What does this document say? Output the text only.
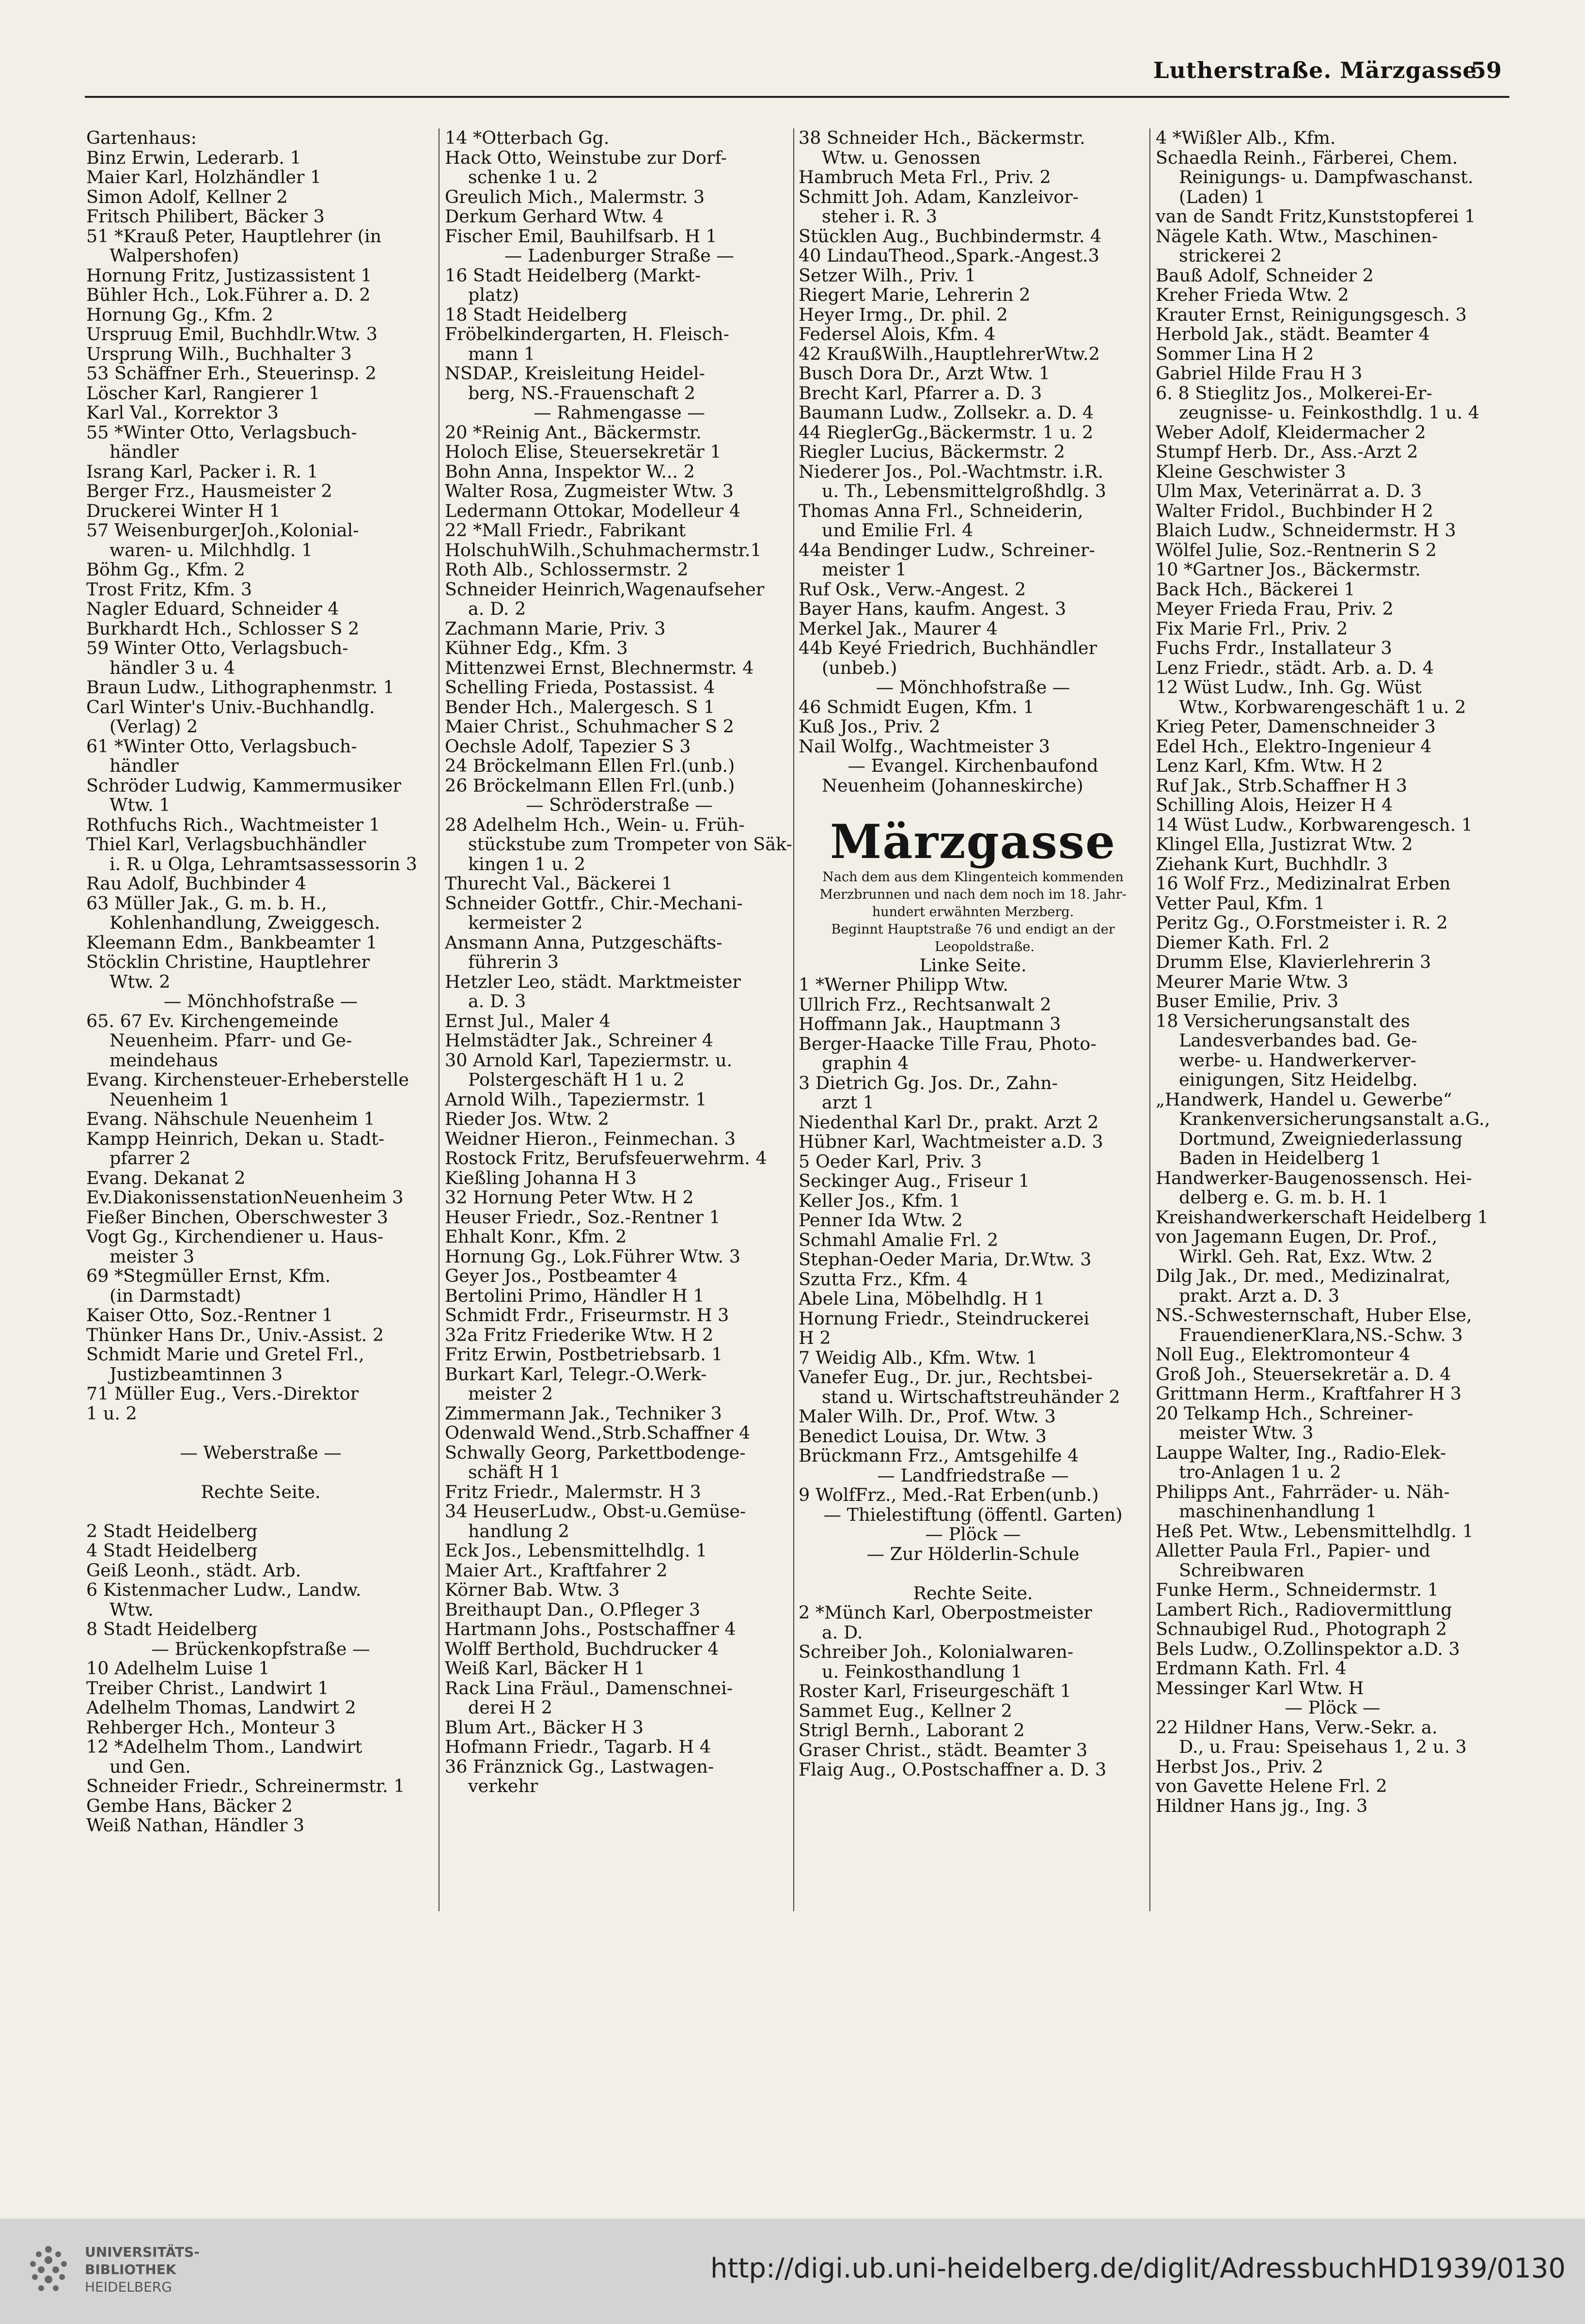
Lutherstraße. Märzgasse
59
Gartenhaus:
Binz Erwin, Lederarb. 1
Maier Karl, Holzhändler 1
Simon Adolf, Kellner 2
Fritsch Philibert, Bäcker 3
51 *Krauß Peter, Hauptlehrer (in
Walpershofen)
Hornung Fritz, Justizassistent 1
Bühler Hch., Lok.Führer a. D. 2
Hornung Gg., Kfm. 2
Urspruug Emil, Buchhdlr.Wtw. 3
Ursprung Wilh., Buchhalter 3
53 Schäffner Erh., Steuerinsp. 2
Löscher Karl, Rangierer 1
Karl Val., Korrektor 3
55 *Winter Otto, Verlagsbuch-
händler
Israng Karl, Packer i. R. 1
Berger Frz., Hausmeister 2
Druckerei Winter H 1
57 WeisenburgerJoh.,Kolonial-
waren- u. Milchhdlg. 1
Böhm Gg., Kfm. 2
Trost Fritz, Kfm. 3
Nagler Eduard, Schneider 4
Burkhardt Hch., Schlosser S 2
59 Winter Otto, Verlagsbuch-
händler 3 u. 4
Braun Ludw., Lithographenmstr. 1
Carl Winter's Univ.-Buchhandlg.
(Verlag) 2
61 *Winter Otto, Verlagsbuch-
händler
Schröder Ludwig, Kammermusiker
Wtw. 1
Rothfuchs Rich., Wachtmeister 1
Thiel Karl, Verlagsbuchhändler
i. R. u Olga, Lehramtsassessorin 3
Rau Adolf, Buchbinder 4
63 Müller Jak., G. m. b. H.,
Kohlenhandlung, Zweiggesch.
Kleemann Edm., Bankbeamter 1
Stöcklin Christine, Hauptlehrer
Wtw. 2
— Mönchhofstraße —
65. 67 Ev. Kirchengemeinde
Neuenheim. Pfarr- und Ge-
meindehaus
Evang. Kirchensteuer-Erheberstelle
Neuenheim 1
Evang. Nähschule Neuenheim 1
Kampp Heinrich, Dekan u. Stadt-
pfarrer 2
Evang. Dekanat 2
Ev.DiakonissenstationNeuenheim 3
Fießer Binchen, Oberschwester 3
Vogt Gg., Kirchendiener u. Haus-
meister 3
69 *Stegmüller Ernst, Kfm.
(in Darmstadt)
Kaiser Otto, Soz.-Rentner 1
Thünker Hans Dr., Univ.-Assist. 2
Schmidt Marie und Gretel Frl.,
Justizbeamtinnen 3
71 Müller Eug., Vers.-Direktor
1 u. 2
— Weberstraße —
Rechte Seite.
2 Stadt Heidelberg
4 Stadt Heidelberg
Geiß Leonh., städt. Arb.
6 Kistenmacher Ludw., Landw.
Wtw.
8 Stadt Heidelberg
— Brückenkopfstraße —
10 Adelhelm Luise 1
Treiber Christ., Landwirt 1
Adelhelm Thomas, Landwirt 2
Rehberger Hch., Monteur 3
12 *Adelhelm Thom., Landwirt
und Gen.
Schneider Friedr., Schreinermstr. 1
Gembe Hans, Bäcker 2
Weiß Nathan, Händler 3
14 *Otterbach Gg.
Hack Otto, Weinstube zur Dorf-
schenke 1 u. 2
Greulich Mich., Malermstr. 3
Derkum Gerhard Wtw. 4
Fischer Emil, Bauhilfsarb. H 1
— Ladenburger Straße —
16 Stadt Heidelberg (Markt-
platz)
18 Stadt Heidelberg
Fröbelkindergarten, H. Fleisch-
mann 1
NSDAP., Kreisleitung Heidel-
berg, NS.-Frauenschaft 2
— Rahmengasse —
20 *Reinig Ant., Bäckermstr.
Holoch Elise, Steuersekretär 1
Bohn Anna, Inspektor W... 2
Walter Rosa, Zugmeister Wtw. 3
Ledermann Ottokar, Modelleur 4
22 *Mall Friedr., Fabrikant
HolschuhWilh.,Schuhmachermstr.1
Roth Alb., Schlossermstr. 2
Schneider Heinrich,Wagenaufseher
a. D. 2
Zachmann Marie, Priv. 3
Kühner Edg., Kfm. 3
Mittenzwei Ernst, Blechnermstr. 4
Schelling Frieda, Postassist. 4
Bender Hch., Malergesch. S 1
Maier Christ., Schuhmacher S 2
Oechsle Adolf, Tapezier S 3
24 Bröckelmann Ellen Frl.(unb.)
26 Bröckelmann Ellen Frl.(unb.)
— Schröderstraße —
28 Adelhelm Hch., Wein- u. Früh-
stückstube zum Trompeter von Säk-
kingen 1 u. 2
Thurecht Val., Bäckerei 1
Schneider Gottfr., Chir.-Mechani-
kermeister 2
Ansmann Anna, Putzgeschäfts-
führerin 3
Hetzler Leo, städt. Marktmeister
a. D. 3
Ernst Jul., Maler 4
Helmstädter Jak., Schreiner 4
30 Arnold Karl, Tapeziermstr. u.
Polstergeschäft H 1 u. 2
Arnold Wilh., Tapeziermstr. 1
Rieder Jos. Wtw. 2
Weidner Hieron., Feinmechan. 3
Rostock Fritz, Berufsfeuerwehrm. 4
Kießling Johanna H 3
32 Hornung Peter Wtw. H 2
Heuser Friedr., Soz.-Rentner 1
Ehhalt Konr., Kfm. 2
Hornung Gg., Lok.Führer Wtw. 3
Geyer Jos., Postbeamter 4
Bertolini Primo, Händler H 1
Schmidt Frdr., Friseurmstr. H 3
32a Fritz Friederike Wtw. H 2
Fritz Erwin, Postbetriebsarb. 1
Burkart Karl, Telegr.-O.Werk-
meister 2
Zimmermann Jak., Techniker 3
Odenwald Wend.,Strb.Schaffner 4
Schwally Georg, Parkettbodenge-
schäft H 1
Fritz Friedr., Malermstr. H 3
34 HeuserLudw., Obst-u.Gemüse-
handlung 2
Eck Jos., Lebensmittelhdlg. 1
Maier Art., Kraftfahrer 2
Körner Bab. Wtw. 3
Breithaupt Dan., O.Pfleger 3
Hartmann Johs., Postschaffner 4
Wolff Berthold, Buchdrucker 4
Weiß Karl, Bäcker H 1
Rack Lina Fräul., Damenschnei-
derei H 2
Blum Art., Bäcker H 3
Hofmann Friedr., Tagarb. H 4
36 Fränznick Gg., Lastwagen-
verkehr
38 Schneider Hch., Bäckermstr.
Wtw. u. Genossen
Hambruch Meta Frl., Priv. 2
Schmitt Joh. Adam, Kanzleivor-
steher i. R. 3
Stücklen Aug., Buchbindermstr. 4
40 LindauTheod.,Spark.-Angest.3
Setzer Wilh., Priv. 1
Riegert Marie, Lehrerin 2
Heyer Irmg., Dr. phil. 2
Federsel Alois, Kfm. 4
42 KraußWilh.,HauptlehrerWtw.2
Busch Dora Dr., Arzt Wtw. 1
Brecht Karl, Pfarrer a. D. 3
Baumann Ludw., Zollsekr. a. D. 4
44 RieglerGg.,Bäckermstr. 1 u. 2
Riegler Lucius, Bäckermstr. 2
Niederer Jos., Pol.-Wachtmstr. i.R.
u. Th., Lebensmittelgroßhdlg. 3
Thomas Anna Frl., Schneiderin,
und Emilie Frl. 4
44a Bendinger Ludw., Schreiner-
meister 1
Ruf Osk., Verw.-Angest. 2
Bayer Hans, kaufm. Angest. 3
Merkel Jak., Maurer 4
44b Keyé Friedrich, Buchhändler
(unbeb.)
— Mönchhofstraße —
46 Schmidt Eugen, Kfm. 1
Kuß Jos., Priv. 2
Nail Wolfg., Wachtmeister 3
— Evangel. Kirchenbaufond
Neuenheim (Johanneskirche)
Märzgasse
Nach dem aus dem Klingenteich kommenden
Merzbrunnen und nach dem noch im 18. Jahr-
hundert erwähnten Merzberg.
Beginnt Hauptstraße 76 und endigt an der
Leopoldstraße.
Linke Seite.
1 *Werner Philipp Wtw.
Ullrich Frz., Rechtsanwalt 2
Hoffmann Jak., Hauptmann 3
Berger-Haacke Tille Frau, Photo-
graphin 4
3 Dietrich Gg. Jos. Dr., Zahn-
arzt 1
Niedenthal Karl Dr., prakt. Arzt 2
Hübner Karl, Wachtmeister a.D. 3
5 Oeder Karl, Priv. 3
Seckinger Aug., Friseur 1
Keller Jos., Kfm. 1
Penner Ida Wtw. 2
Schmahl Amalie Frl. 2
Stephan-Oeder Maria, Dr.Wtw. 3
Szutta Frz., Kfm. 4
Abele Lina, Möbelhdlg. H 1
Hornung Friedr., Steindruckerei
H 2
7 Weidig Alb., Kfm. Wtw. 1
Vanefer Eug., Dr. jur., Rechtsbei-
stand u. Wirtschaftstreuhänder 2
Maler Wilh. Dr., Prof. Wtw. 3
Benedict Louisa, Dr. Wtw. 3
Brückmann Frz., Amtsgehilfe 4
— Landfriedstraße —
9 WolfFrz., Med.-Rat Erben(unb.)
— Thielestiftung (öffentl. Garten)
— Plöck —
— Zur Hölderlin-Schule
Rechte Seite.
2 *Münch Karl, Oberpostmeister
a. D.
Schreiber Joh., Kolonialwaren-
u. Feinkosthandlung 1
Roster Karl, Friseurgeschäft 1
Sammet Eug., Kellner 2
Strigl Bernh., Laborant 2
Graser Christ., städt. Beamter 3
Flaig Aug., O.Postschaffner a. D. 3
4 *Wißler Alb., Kfm.
Schaedla Reinh., Färberei, Chem.
Reinigungs- u. Dampfwaschanst.
(Laden) 1
van de Sandt Fritz,Kunststopferei 1
Nägele Kath. Wtw., Maschinen-
strickerei 2
Bauß Adolf, Schneider 2
Kreher Frieda Wtw. 2
Krauter Ernst, Reinigungsgesch. 3
Herbold Jak., städt. Beamter 4
Sommer Lina H 2
Gabriel Hilde Frau H 3
6. 8 Stieglitz Jos., Molkerei-Er-
zeugnisse- u. Feinkosthdlg. 1 u. 4
Weber Adolf, Kleidermacher 2
Stumpf Herb. Dr., Ass.-Arzt 2
Kleine Geschwister 3
Ulm Max, Veterinärrat a. D. 3
Walter Fridol., Buchbinder H 2
Blaich Ludw., Schneidermstr. H 3
Wölfel Julie, Soz.-Rentnerin S 2
10 *Gartner Jos., Bäckermstr.
Back Hch., Bäckerei 1
Meyer Frieda Frau, Priv. 2
Fix Marie Frl., Priv. 2
Fuchs Frdr., Installateur 3
Lenz Friedr., städt. Arb. a. D. 4
12 Wüst Ludw., Inh. Gg. Wüst
Wtw., Korbwarengeschäft 1 u. 2
Krieg Peter, Damenschneider 3
Edel Hch., Elektro-Ingenieur 4
Lenz Karl, Kfm. Wtw. H 2
Ruf Jak., Strb.Schaffner H 3
Schilling Alois, Heizer H 4
14 Wüst Ludw., Korbwarengesch. 1
Klingel Ella, Justizrat Wtw. 2
Ziehank Kurt, Buchhdlr. 3
16 Wolf Frz., Medizinalrat Erben
Vetter Paul, Kfm. 1
Peritz Gg., O.Forstmeister i. R. 2
Diemer Kath. Frl. 2
Drumm Else, Klavierlehrerin 3
Meurer Marie Wtw. 3
Buser Emilie, Priv. 3
18 Versicherungsanstalt des
Landesverbandes bad. Ge-
werbe- u. Handwerkerver-
einigungen, Sitz Heidelbg.
„Handwerk, Handel u. Gewerbe“
Krankenversicherungsanstalt a.G.,
Dortmund, Zweigniederlassung
Baden in Heidelberg 1
Handwerker-Baugenossensch. Hei-
delberg e. G. m. b. H. 1
Kreishandwerkerschaft Heidelberg 1
von Jagemann Eugen, Dr. Prof.,
Wirkl. Geh. Rat, Exz. Wtw. 2
Dilg Jak., Dr. med., Medizinalrat,
prakt. Arzt a. D. 3
NS.-Schwesternschaft, Huber Else,
FrauendienerKlara,NS.-Schw. 3
Noll Eug., Elektromonteur 4
Groß Joh., Steuersekretär a. D. 4
Grittmann Herm., Kraftfahrer H 3
20 Telkamp Hch., Schreiner-
meister Wtw. 3
Lauppe Walter, Ing., Radio-Elek-
tro-Anlagen 1 u. 2
Philipps Ant., Fahrräder- u. Näh-
maschinenhandlung 1
Heß Pet. Wtw., Lebensmittelhdlg. 1
Alletter Paula Frl., Papier- und
Schreibwaren
Funke Herm., Schneidermstr. 1
Lambert Rich., Radiovermittlung
Schnaubigel Rud., Photograph 2
Bels Ludw., O.Zollinspektor a.D. 3
Erdmann Kath. Frl. 4
Messinger Karl Wtw. H
— Plöck —
22 Hildner Hans, Verw.-Sekr. a.
D., u. Frau: Speisehaus 1, 2 u. 3
Herbst Jos., Priv. 2
von Gavette Helene Frl. 2
Hildner Hans jg., Ing. 3
UNIVERSITÄTS-
BIBLIOTHEK
HEIDELBERG
http://digi.ub.uni-heidelberg.de/diglit/AdressbuchHD1939/0130
